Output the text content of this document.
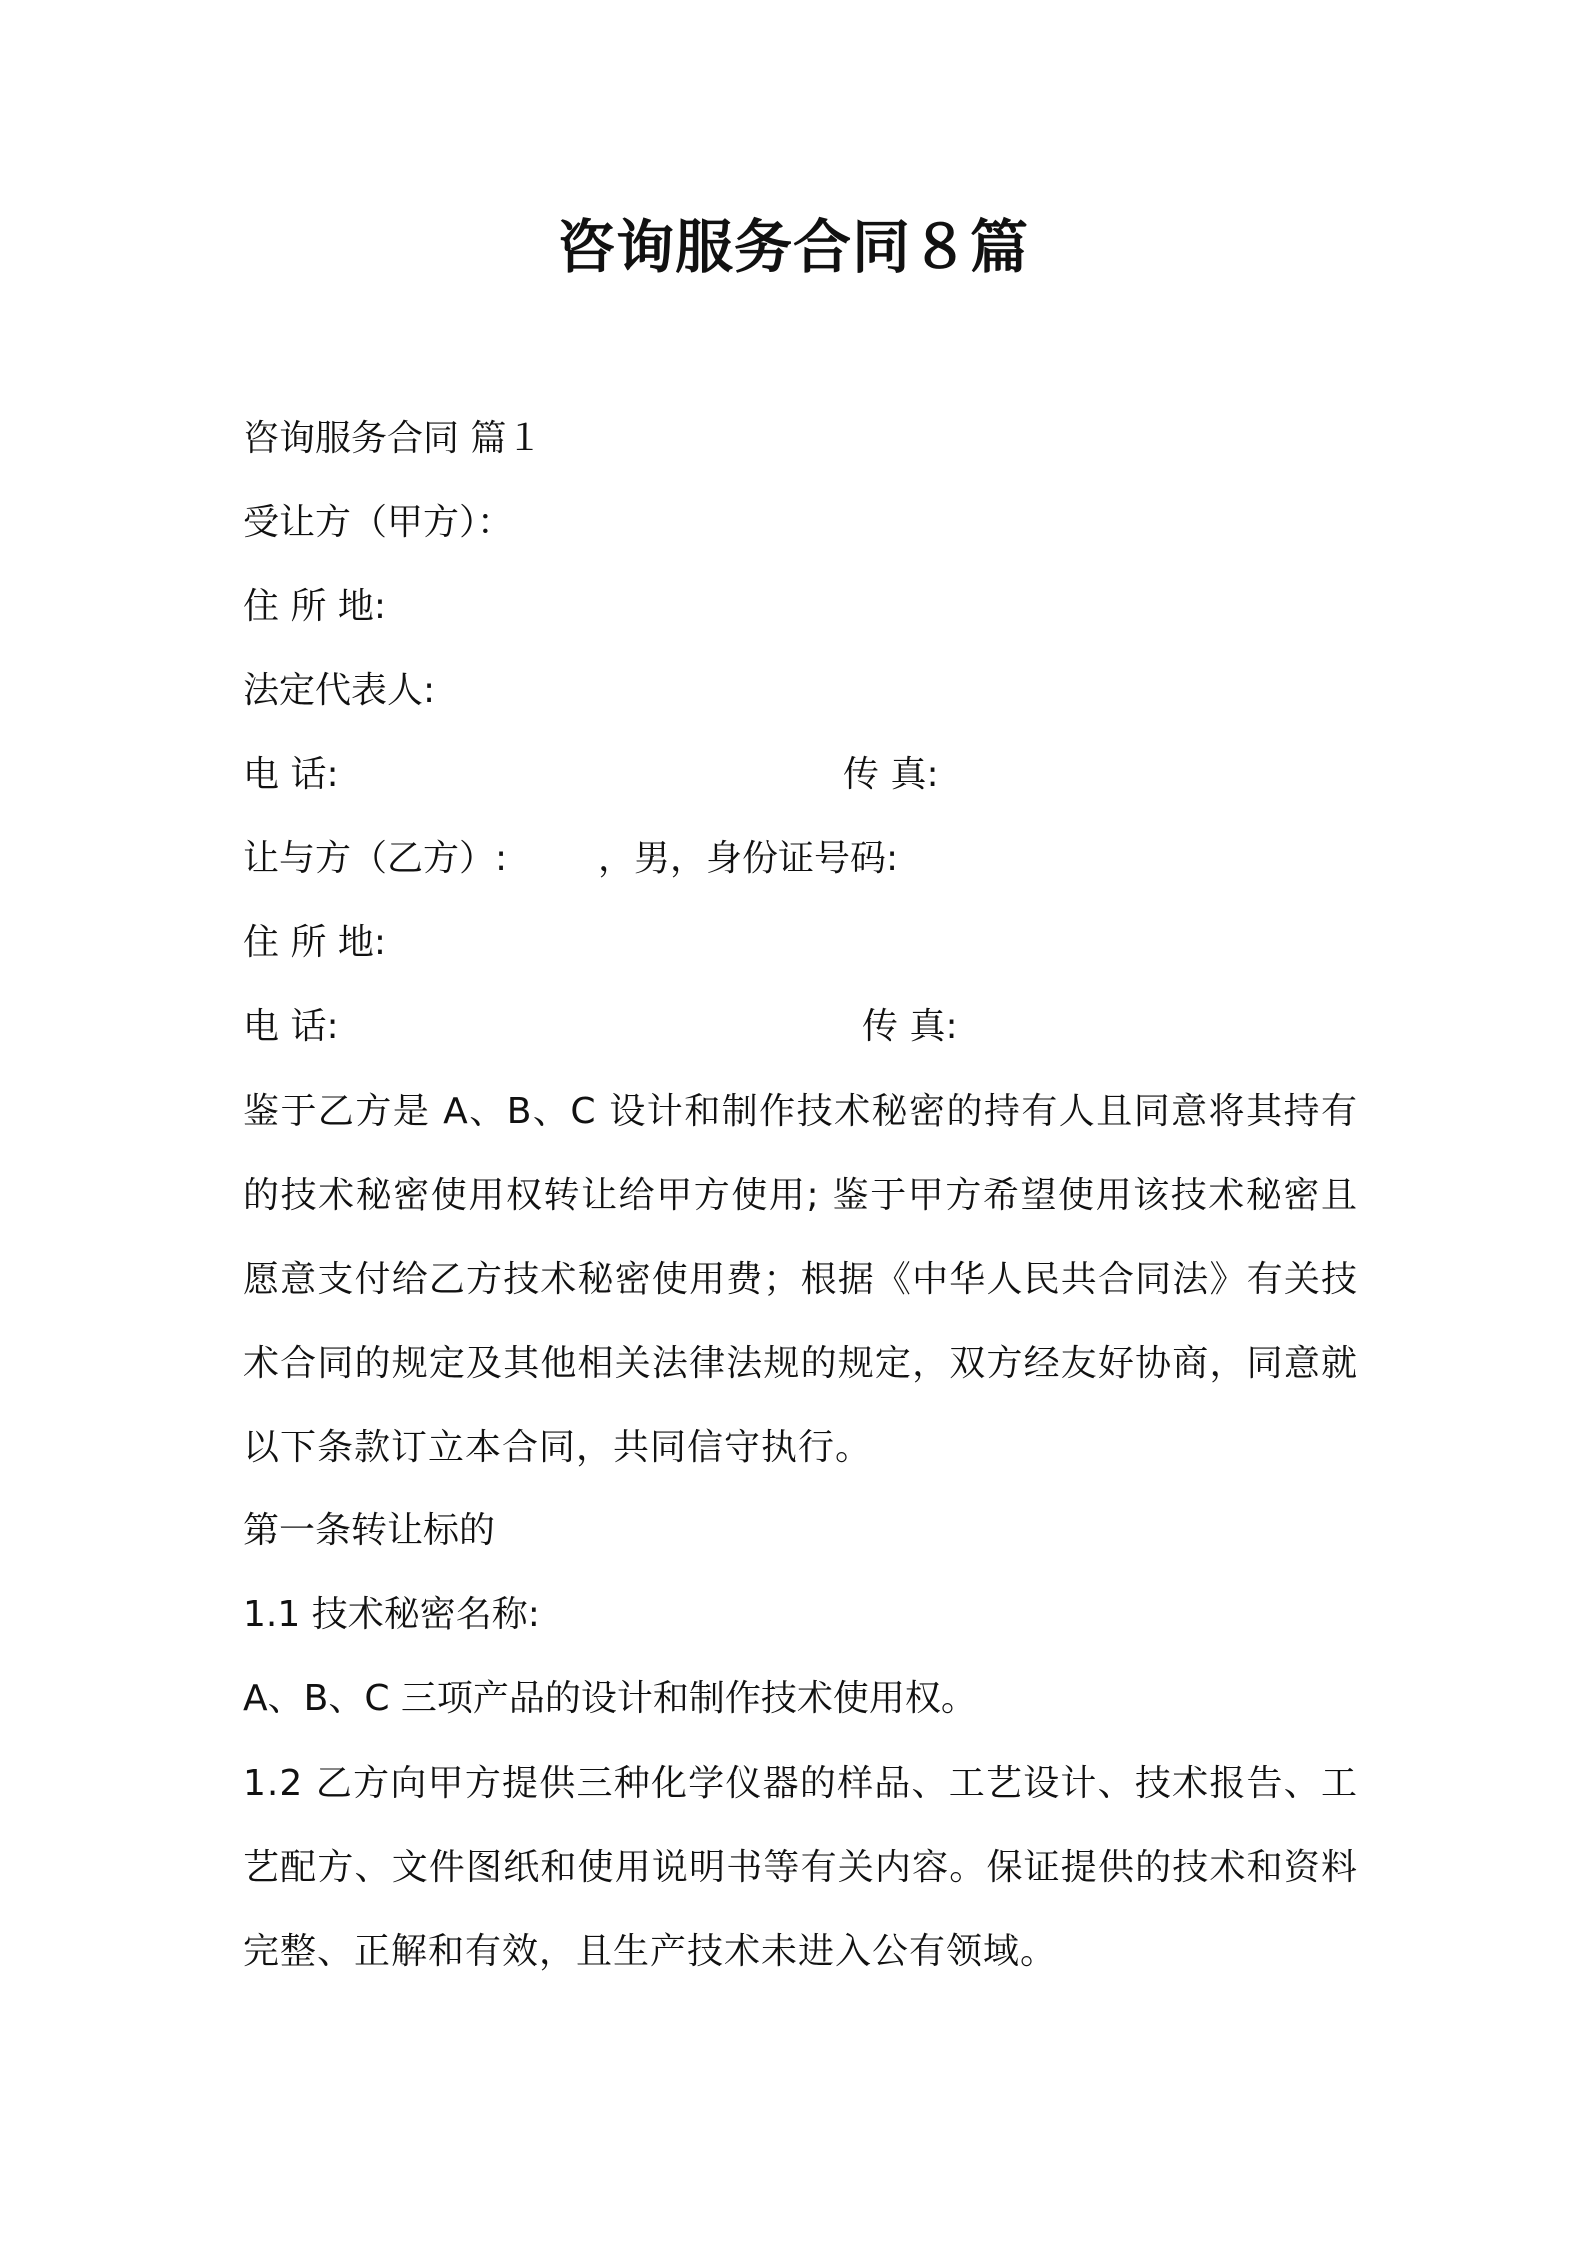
咨询服务合同８篇
咨询服务合同 篇１
受让方（甲方）：
住 所 地:
法定代表人:
电 话:	传 真:
让与方（乙方）:	，男，身份证号码:
住 所 地:
电 话:	传 真:
鉴于乙方是 A、B、C 设计和制作技术秘密的持有人且同意将其持有的技术秘密使用权转让给甲方使用; 鉴于甲方希望使用该技术秘密且愿意支付给乙方技术秘密使用费；根据《中华人民共合同法》有关技术合同的规定及其他相关法律法规的规定，双方经友好协商，同意就以下条款订立本合同，共同信守执行。
第一条转让标的
1.1 技术秘密名称:
A、B、C 三项产品的设计和制作技术使用权。
1.2 乙方向甲方提供三种化学仪器的样品、工艺设计、技术报告、工艺配方、文件图纸和使用说明书等有关内容。保证提供的技术和资料完整、正解和有效，且生产技术未进入公有领域。
